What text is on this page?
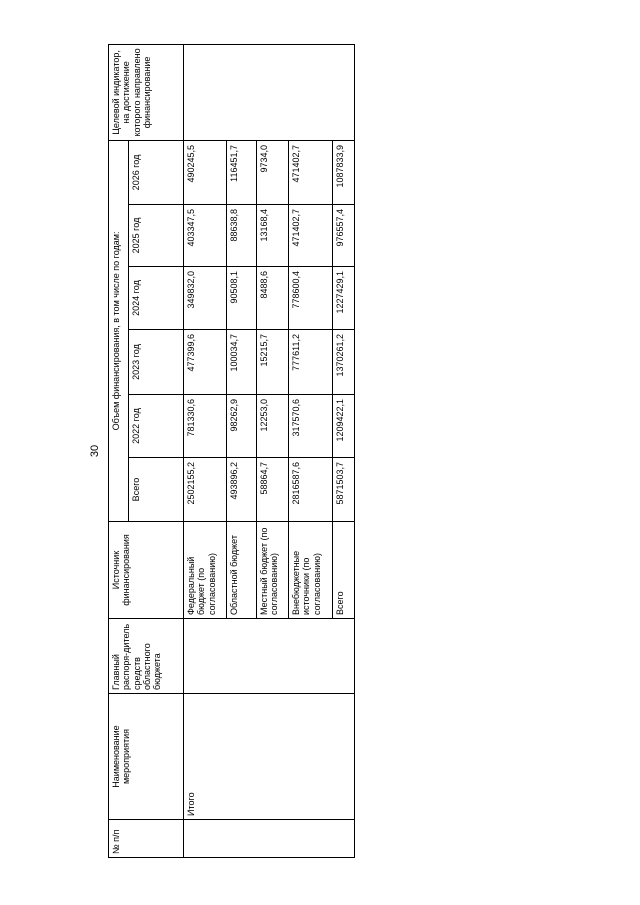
30
№ п/п	Наименование мероприятия	Главный распоря-дитель средств областного бюджета	Источник финансирования	Объем финансирования, в том числе по годам:						Целевой индикатор, на достижение которого направлено финансирование
				Всего	2022 год	2023 год	2024 год	2025 год	2026 год	
	Итого		Федеральный бюджет (по согласованию)	2502155,2	781330,6	477399,6	349832,0	403347,5	490245,5	
			Областной бюджет	493896,2	98262,9	100034,7	90508,1	88638,8	116451,7	
			Местный бюджет (по согласованию)	58864,7	12253,0	15215,7	8488,6	13168,4	9734,0	
			Внебюджетные источники (по согласованию)	2816587,6	317570,6	777611,2	778600,4	471402,7	471402,7	
			Всего	5871503,7	1209422,1	1370261,2	1227429,1	976557,4	1087833,9	
